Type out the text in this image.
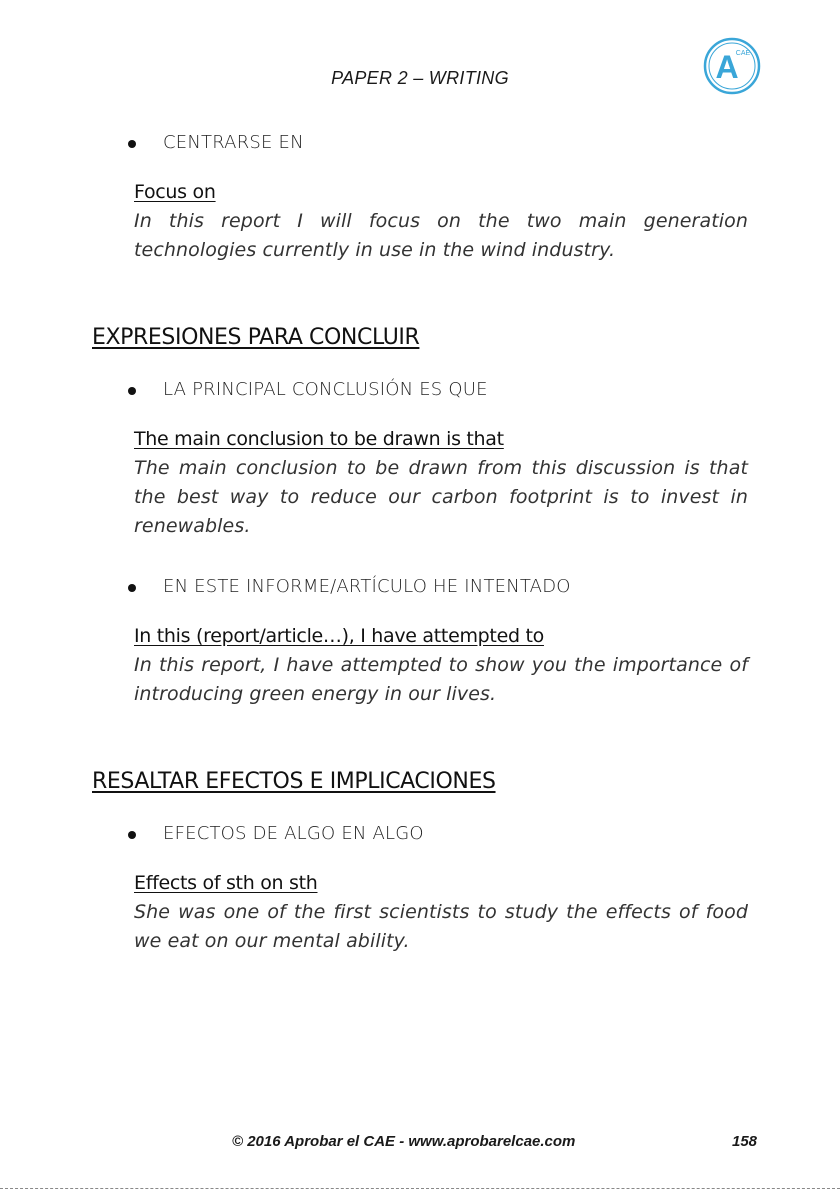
PAPER 2 – WRITING	A
CAE
CENTRARSE EN
Focus on
In this report I will focus on the two main generation technologies currently in use in the wind industry.
EXPRESIONES PARA CONCLUIR
LA PRINCIPAL CONCLUSIÓN ES QUE
The main conclusion to be drawn is that
The main conclusion to be drawn from this discussion is that the best way to reduce our carbon footprint is to invest in renewables.
EN ESTE INFORME/ARTÍCULO HE INTENTADO
In this (report/article…), I have attempted to
In this report, I have attempted to show you the importance of introducing green energy in our lives.
RESALTAR EFECTOS E IMPLICACIONES
EFECTOS DE ALGO EN ALGO
Effects of sth on sth
She was one of the first scientists to study the effects of food we eat on our mental ability.
© 2016 Aprobar el CAE - www.aprobarelcae.com	158
